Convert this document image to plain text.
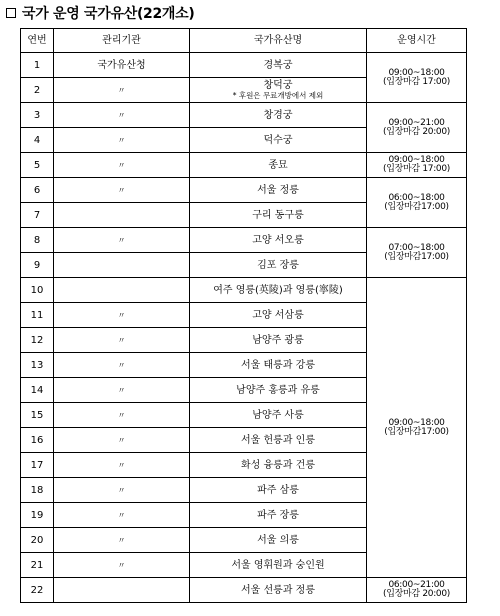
국가 운영 국가유산(22개소)
연번	관리기관	국가유산명	운영시간
1	국가유산청	경복궁	09:00~18:00
(입장마감 17:00)

2	〃	창덕궁
* 후원은 무료개방에서 제외	

3	〃	창경궁	09:00~21:00
(입장마감 20:00)

4	〃	덕수궁	

5	〃	종묘	09:00~18:00
(입장마감 17:00)

6	〃	서울 정릉	06:00~18:00
(입장마감17:00)

7		구리 동구릉	

8	〃	고양 서오릉	07:00~18:00
(입장마감17:00)

9		김포 장릉	

10		여주 영릉(英陵)과 영릉(寧陵)	09:00~18:00
(입장마감17:00)

11	〃	고양 서삼릉	

12	〃	남양주 광릉	

13	〃	서울 태릉과 강릉	

14	〃	남양주 홍릉과 유릉	

15	〃	남양주 사릉	

16	〃	서울 헌릉과 인릉	

17	〃	화성 융릉과 건릉	

18	〃	파주 삼릉	

19	〃	파주 장릉	

20	〃	서울 의릉	

21	〃	서울 영휘원과 숭인원	

22		서울 선릉과 정릉	06:00~21:00
(입장마감 20:00)
